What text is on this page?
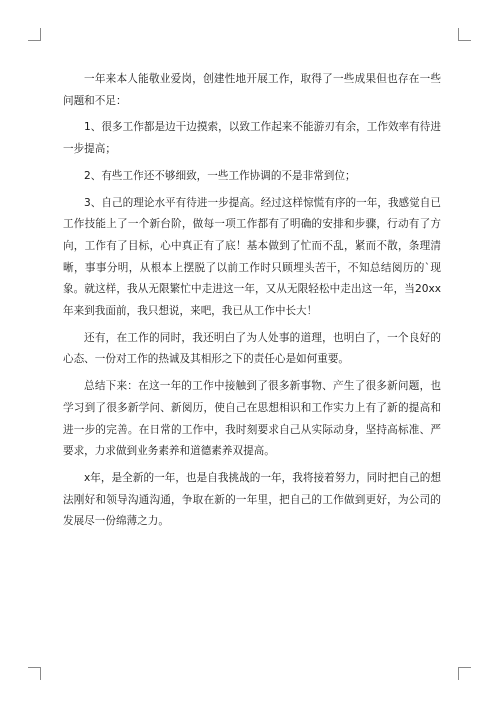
一年来本人能敬业爱岗，创建性地开展工作，取得了一些成果但也存在一些问题和不足：

1、很多工作都是边干边摸索，以致工作起来不能游刃有余，工作效率有待进一步提高；

2、有些工作还不够细致，一些工作协调的不是非常到位；

3、自己的理论水平有待进一步提高。经过这样惊慌有序的一年，我感觉自已工作技能上了一个新台阶，做每一项工作都有了明确的安排和步骤，行动有了方向，工作有了目标，心中真正有了底！基本做到了忙而不乱，紧而不散，条理清晰，事事分明，从根本上摆脱了以前工作时只顾埋头苦干，不知总结阅历的`现象。就这样，我从无限繁忙中走进这一年，又从无限轻松中走出这一年，当20xx年来到我面前，我只想说，来吧，我已从工作中长大！

还有，在工作的同时，我还明白了为人处事的道理，也明白了，一个良好的心态、一份对工作的热诚及其相形之下的责任心是如何重要。

总结下来：在这一年的工作中接触到了很多新事物、产生了很多新问题，也学习到了很多新学问、新阅历，使自己在思想相识和工作实力上有了新的提高和进一步的完善。在日常的工作中，我时刻要求自己从实际动身，坚持高标准、严要求，力求做到业务素养和道德素养双提高。

x年，是全新的一年，也是自我挑战的一年，我将接着努力，同时把自己的想法刚好和领导沟通沟通，争取在新的一年里，把自己的工作做到更好，为公司的发展尽一份绵薄之力。
